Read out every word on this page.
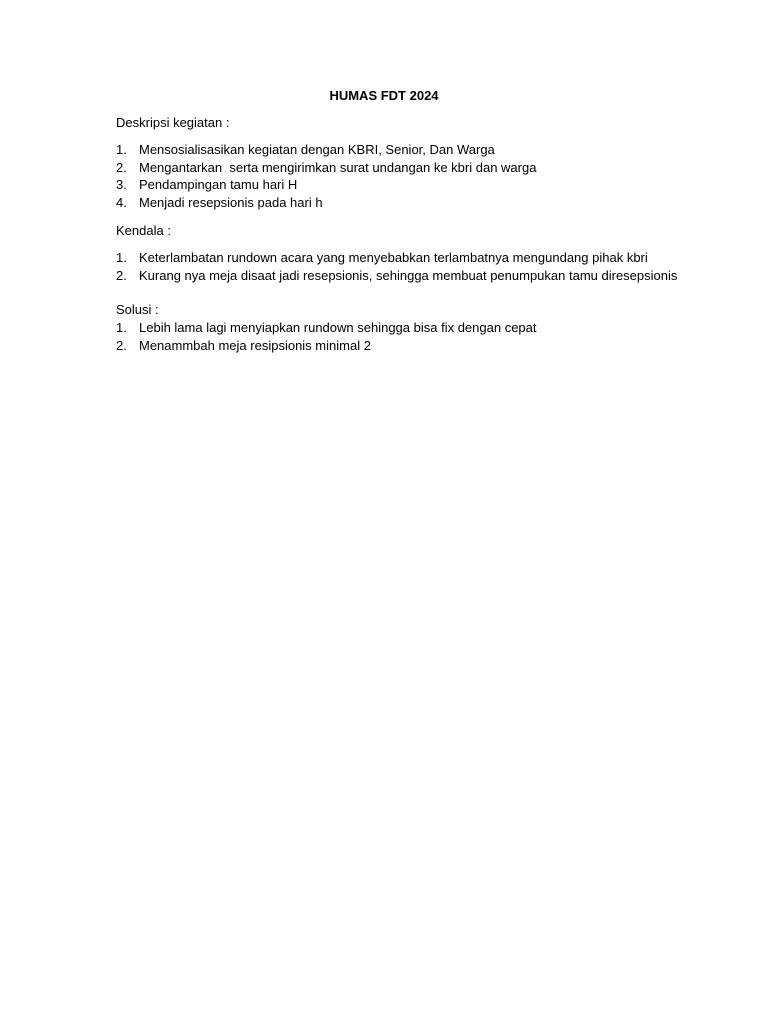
HUMAS FDT 2024
Deskripsi kegiatan :
1. Mensosialisasikan kegiatan dengan KBRI, Senior, Dan Warga
2. Mengantarkan  serta mengirimkan surat undangan ke kbri dan warga
3. Pendampingan tamu hari H
4. Menjadi resepsionis pada hari h
Kendala :
1. Keterlambatan rundown acara yang menyebabkan terlambatnya mengundang pihak kbri
2. Kurang nya meja disaat jadi resepsionis, sehingga membuat penumpukan tamu diresepsionis
Solusi :
1. Lebih lama lagi menyiapkan rundown sehingga bisa fix dengan cepat
2. Menammbah meja resipsionis minimal 2
